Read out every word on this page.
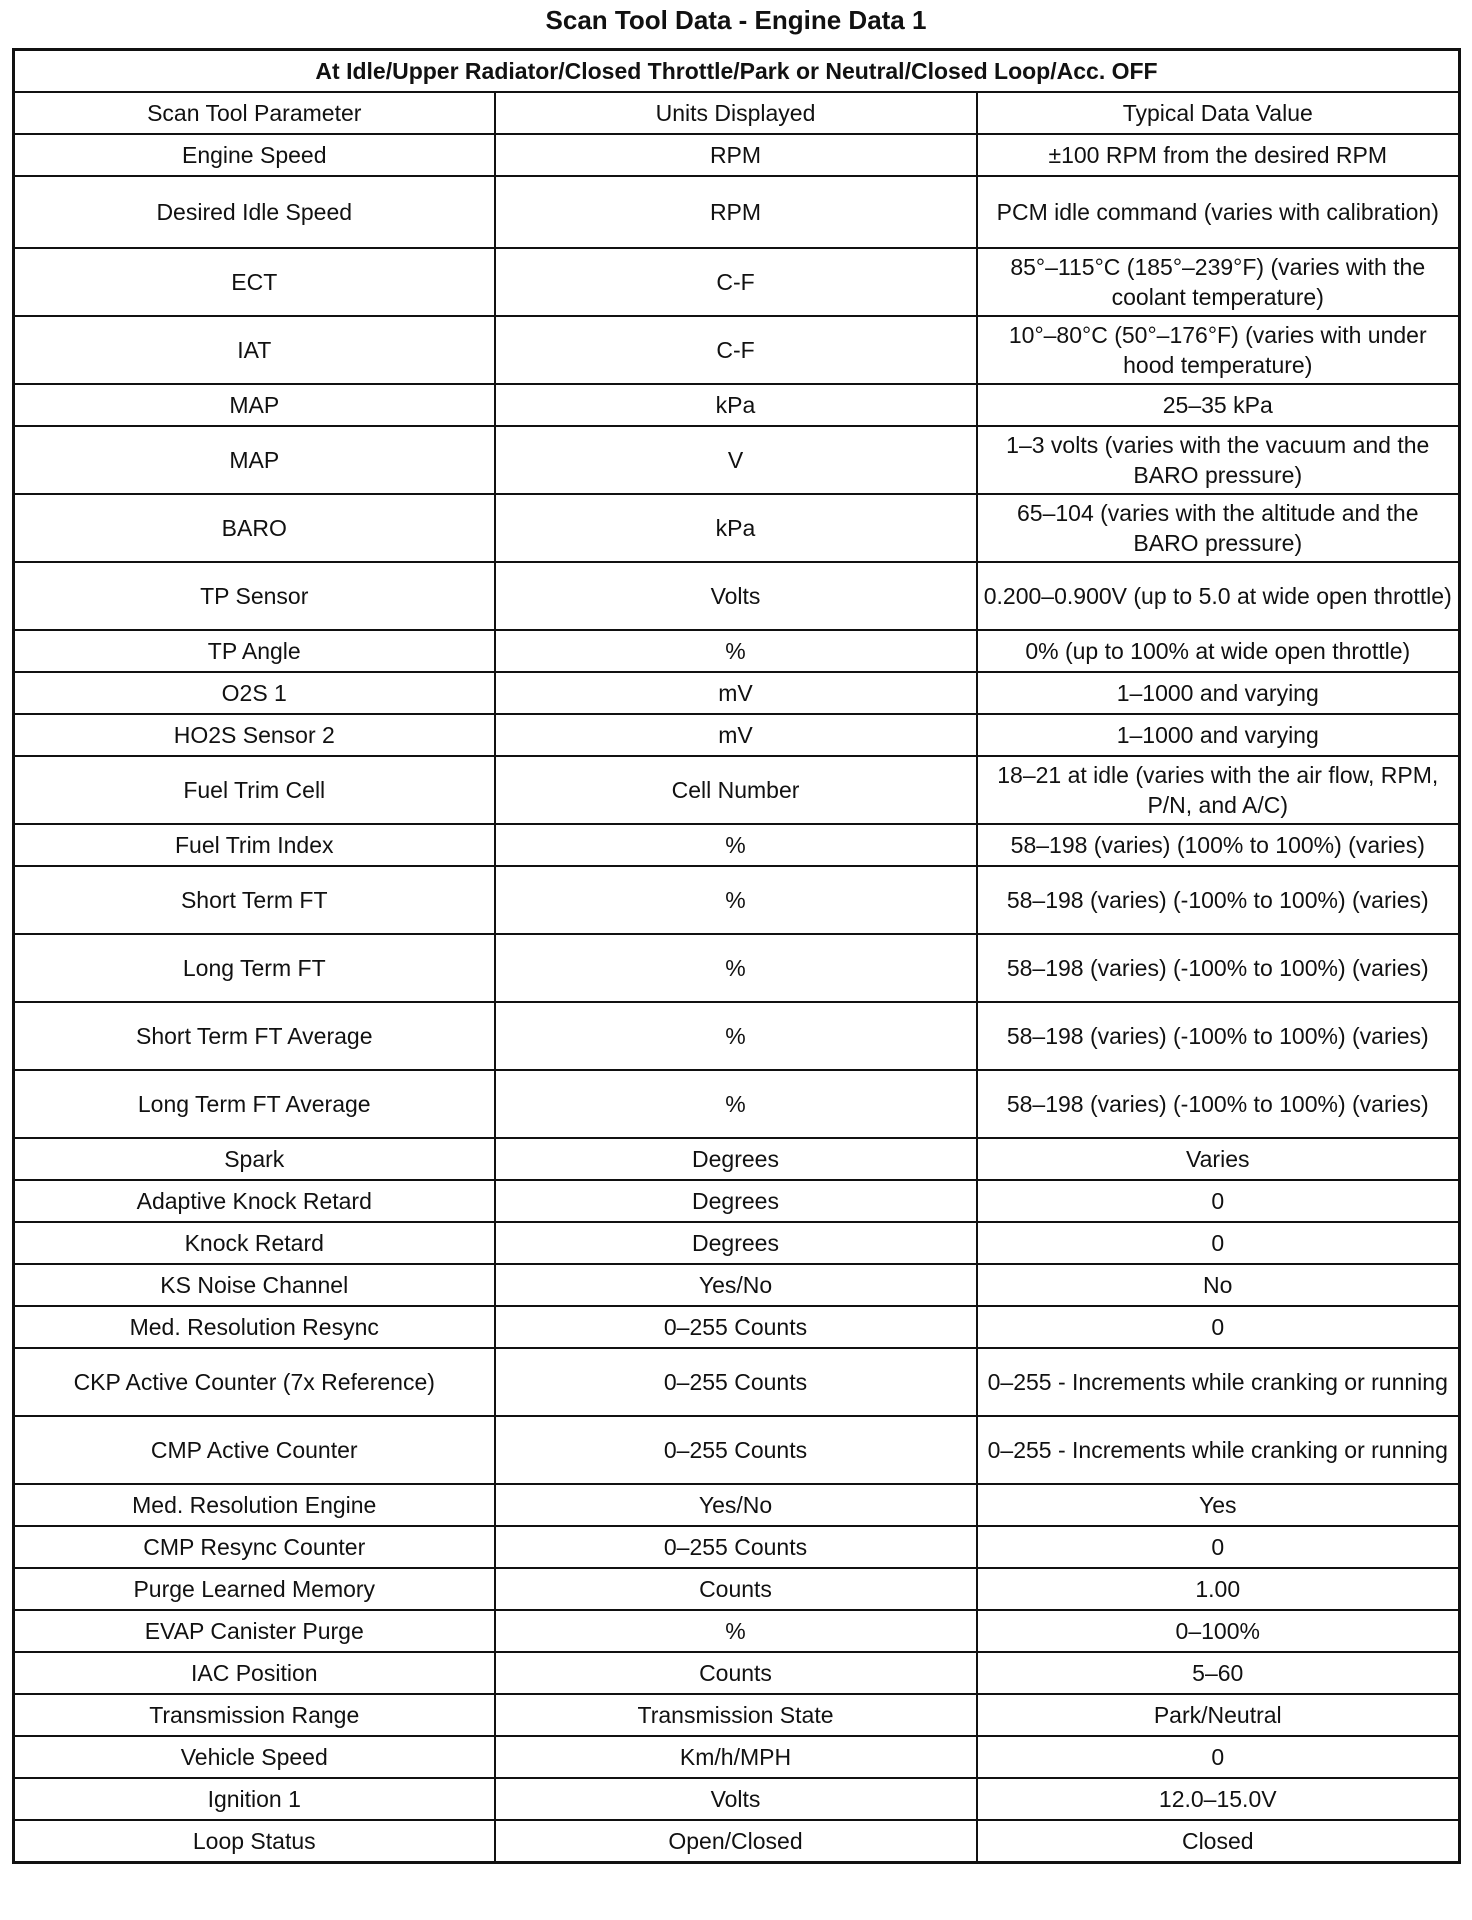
Scan Tool Data - Engine Data 1
At Idle/Upper Radiator/Closed Throttle/Park or Neutral/Closed Loop/Acc. OFF		
Scan Tool Parameter	Units Displayed	Typical Data Value
Engine Speed	RPM	±100 RPM from the desired RPM
Desired Idle Speed	RPM	PCM idle command (varies with calibration)
ECT	C-F	85°–115°C (185°–239°F) (varies with the coolant temperature)
IAT	C-F	10°–80°C (50°–176°F) (varies with under hood temperature)
MAP	kPa	25–35 kPa
MAP	V	1–3 volts (varies with the vacuum and the BARO pressure)
BARO	kPa	65–104 (varies with the altitude and the BARO pressure)
TP Sensor	Volts	0.200–0.900V (up to 5.0 at wide open throttle)
TP Angle	%	0% (up to 100% at wide open throttle)
O2S 1	mV	1–1000 and varying
HO2S Sensor 2	mV	1–1000 and varying
Fuel Trim Cell	Cell Number	18–21 at idle (varies with the air flow, RPM, P/N, and A/C)
Fuel Trim Index	%	58–198 (varies) (100% to 100%) (varies)
Short Term FT	%	58–198 (varies) (-100% to 100%) (varies)
Long Term FT	%	58–198 (varies) (-100% to 100%) (varies)
Short Term FT Average	%	58–198 (varies) (-100% to 100%) (varies)
Long Term FT Average	%	58–198 (varies) (-100% to 100%) (varies)
Spark	Degrees	Varies
Adaptive Knock Retard	Degrees	0
Knock Retard	Degrees	0
KS Noise Channel	Yes/No	No
Med. Resolution Resync	0–255 Counts	0
CKP Active Counter (7x Reference)	0–255 Counts	0–255 - Increments while cranking or running
CMP Active Counter	0–255 Counts	0–255 - Increments while cranking or running
Med. Resolution Engine	Yes/No	Yes
CMP Resync Counter	0–255 Counts	0
Purge Learned Memory	Counts	1.00
EVAP Canister Purge	%	0–100%
IAC Position	Counts	5–60
Transmission Range	Transmission State	Park/Neutral
Vehicle Speed	Km/h/MPH	0
Ignition 1	Volts	12.0–15.0V
Loop Status	Open/Closed	Closed
